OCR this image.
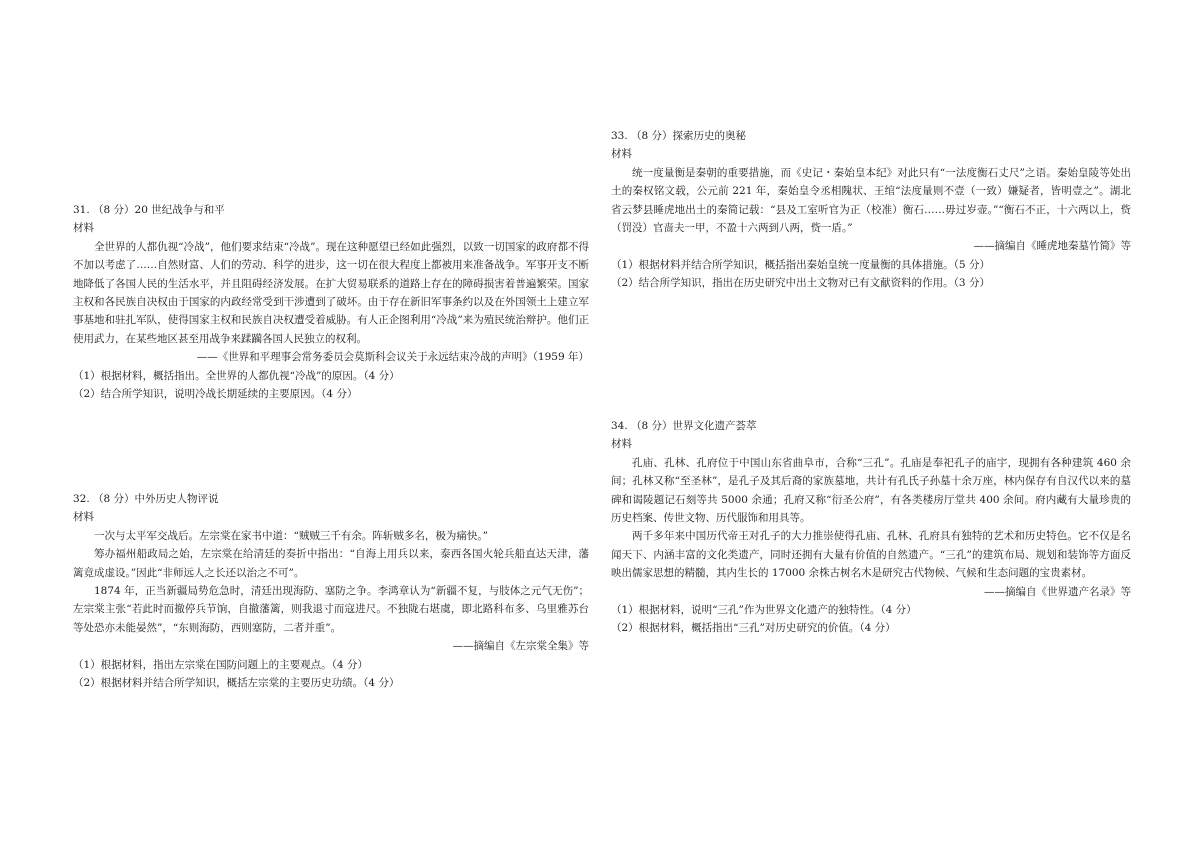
31. （8 分）20 世纪战争与和平

材料

全世界的人都仇视“冷战”，他们要求结束“冷战”。现在这种愿望已经如此强烈，以致一切国家的政府都不得不加以考虑了……自然财富、人们的劳动、科学的进步，这一切在很大程度上都被用来准备战争。军事开支不断地降低了各国人民的生活水平，并且阻碍经济发展。在扩大贸易联系的道路上存在的障碍损害着普遍繁荣。国家主权和各民族自决权由于国家的内政经常受到干涉遭到了破坏。由于存在新旧军事条约以及在外国领土上建立军事基地和驻扎军队，使得国家主权和民族自决权遭受着威胁。有人正企图利用“冷战”来为殖民统治辩护。他们正使用武力，在某些地区甚至用战争来蹂躏各国人民独立的权利。

——《世界和平理事会常务委员会莫斯科会议关于永远结束冷战的声明》（1959 年）

（1）根据材料，概括指出。全世界的人都仇视“冷战”的原因。（4 分）

（2）结合所学知识，说明冷战长期延续的主要原因。（4 分）

32. （8 分）中外历史人物评说

材料

一次与太平军交战后。左宗棠在家书中道：“贼贼三千有余。阵斩贼多名，极为痛快。”

筹办福州船政局之始，左宗棠在给清廷的奏折中指出：“自海上用兵以来，泰西各国火轮兵船直达天津，藩篱竟成虚设。”因此“非师远人之长还以治之不可”。

1874 年，正当新疆局势危急时，清廷出现海防、塞防之争。李鸿章认为“新疆不复，与肢体之元气无伤”；左宗棠主张“若此时而撤停兵节饷，自撤藩篱，则我退寸而寇进尺。不独陇右堪虞，即北路科布多、乌里雅苏台等处恐亦未能晏然”，“东则海防，西则塞防，二者并重”。

——摘编自《左宗棠全集》等

（1）根据材料，指出左宗棠在国防问题上的主要观点。（4 分）

（2）根据材料并结合所学知识，概括左宗棠的主要历史功绩。（4 分）

33. （8 分）探索历史的奥秘

材料

统一度量衡是秦朝的重要措施，而《史记・秦始皇本纪》对此只有“一法度衡石丈尺”之语。秦始皇陵等处出土的秦权铭文载，公元前 221 年，秦始皇令丞相隗状、王绾“法度量则不壹（一致）嫌疑者，皆明壹之”。湖北省云梦县睡虎地出土的秦简记载：“县及工室听官为正（校准）衡石……毋过岁壶。”“衡石不正，十六两以上，赀（罚没）官啬夫一甲，不盈十六两到八两，赀一盾。”

——摘编自《睡虎地秦墓竹简》等

（1）根据材料并结合所学知识，概括指出秦始皇统一度量衡的具体措施。（5 分）

（2）结合所学知识，指出在历史研究中出土文物对已有文献资料的作用。（3 分）

34. （8 分）世界文化遗产荟萃

材料

孔庙、孔林、孔府位于中国山东省曲阜市，合称“三孔”。孔庙是奉祀孔子的庙宇，现拥有各种建筑 460 余间；孔林又称“至圣林”，是孔子及其后裔的家族墓地，共计有孔氏子孙墓十余万座，林内保存有自汉代以来的墓碑和谒陵题记石刻等共 5000 余通；孔府又称“衍圣公府”，有各类楼房厅堂共 400 余间。府内藏有大量珍贵的历史档案、传世文物、历代服饰和用具等。

两千多年来中国历代帝王对孔子的大力推崇使得孔庙、孔林、孔府具有独特的艺术和历史特色。它不仅是名闻天下、内涵丰富的文化类遗产，同时还拥有大量有价值的自然遗产。“三孔”的建筑布局、规划和装饰等方面反映出儒家思想的精髓，其内生长的 17000 余株古树名木是研究古代物候、气候和生态问题的宝贵素材。

——摘编自《世界遗产名录》等

（1）根据材料，说明“三孔”作为世界文化遗产的独特性。（4 分）

（2）根据材料，概括指出“三孔”对历史研究的价值。（4 分）
